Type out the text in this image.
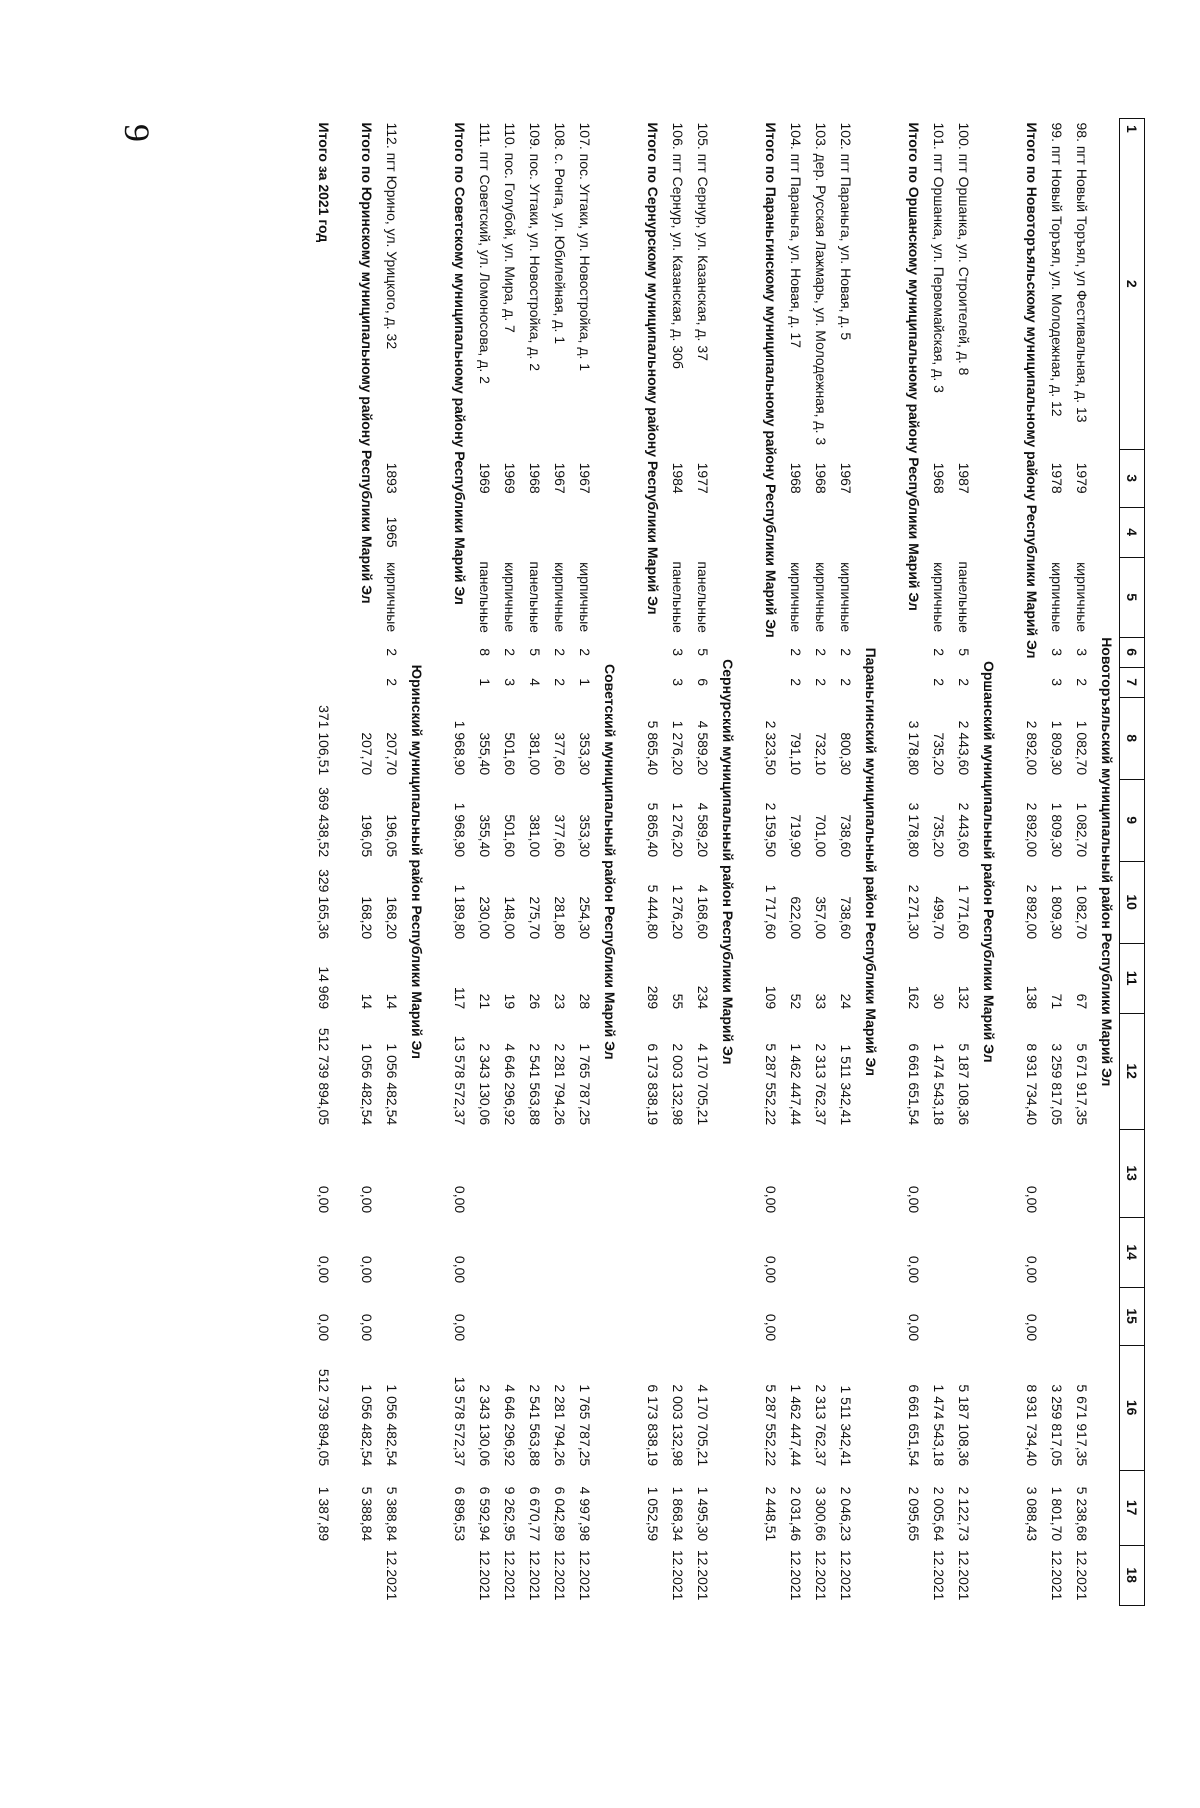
9	1
2	3	4	5	6	7	8	9	10	11	12	13	14	15	16	17	18
Новоторъяльский муниципальный район Республики Марий Эл																
98. пгт Новый Торъял, ул Фестивальная, д. 13	1979		кирпичные	3	2	1 082,70	1 082,70	1 082,70	67	5 671 917,35				5 671 917,35	5 238,68	12.2021
99. пгт Новый Торъял, ул. Молодежная, д. 12	1978		кирпичные	3	3	1 809,30	1 809,30	1 809,30	71	3 259 817,05				3 259 817,05	1 801,70	12.2021
Итого по Новоторъяльскому муниципальному району Республики Марий Эл						2 892,00	2 892,00	2 892,00	138	8 931 734,40	0,00	0,00	0,00	8 931 734,40	3 088,43	

Оршанский муниципальный район Республики Марий Эл																
100. пгт Оршанка, ул. Строителей, д. 8	1987		панельные	5	2	2 443,60	2 443,60	1 771,60	132	5 187 108,36				5 187 108,36	2 122,73	12.2021
101. пгт Оршанка, ул. Первомайская, д. 3	1968		кирпичные	2	2	735,20	735,20	499,70	30	1 474 543,18				1 474 543,18	2 005,64	12.2021
Итого по Оршанскому муниципальному району Республики Марий Эл						3 178,80	3 178,80	2 271,30	162	6 661 651,54	0,00	0,00	0,00	6 661 651,54	2 095,65	

Параньгинский муниципальный район Республики Марий Эл																
102. пгт Параньга, ул. Новая, д. 5	1967		кирпичные	2	2	800,30	738,60	738,60	24	1 511 342,41				1 511 342,41	2 046,23	12.2021
103. дер. Русская Лажмарь, ул. Молодежная, д. 3	1968		кирпичные	2	2	732,10	701,00	357,00	33	2 313 762,37				2 313 762,37	3 300,66	12.2021
104. пгт Параньга, ул. Новая, д. 17	1968		кирпичные	2	2	791,10	719,90	622,00	52	1 462 447,44				1 462 447,44	2 031,46	12.2021
Итого по Параньгинскому муниципальному району Республики Марий Эл						2 323,50	2 159,50	1 717,60	109	5 287 552,22	0,00	0,00	0,00	5 287 552,22	2 448,51	

Сернурский муниципальный район Республики Марий Эл																
105. пгт Сернур, ул. Казанская, д. 37	1977		панельные	5	6	4 589,20	4 589,20	4 168,60	234	4 170 705,21				4 170 705,21	1 495,30	12.2021
106. пгт Сернур, ул. Казанская, д. 30б	1984		панельные	3	3	1 276,20	1 276,20	1 276,20	55	2 003 132,98				2 003 132,98	1 868,34	12.2021
Итого по Сернурскому муниципальному району Республики Марий Эл						5 865,40	5 865,40	5 444,80	289	6 173 838,19				6 173 838,19	1 052,59	

Советский муниципальный район Республики Марий Эл																
107. пос. Угтаки, ул. Новостройка, д. 1	1967		кирпичные	2	1	353,30	353,30	254,30	28	1 765 787,25				1 765 787,25	4 997,98	12.2021
108. с. Ронга, ул. Юбилейная, д. 1	1967		кирпичные	2	2	377,60	377,60	281,80	23	2 281 794,26				2 281 794,26	6 042,89	12.2021
109. пос. Угтаки, ул. Новостройка, д. 2	1968		панельные	5	4	381,00	381,00	275,70	26	2 541 563,88				2 541 563,88	6 670,77	12.2021
110. пос. Голубой, ул. Мира, д. 7	1969		кирпичные	2	3	501,60	501,60	148,00	19	4 646 296,92				4 646 296,92	9 262,95	12.2021
111. пгт Советский, ул. Ломоносова, д. 2	1969		панельные	8	1	355,40	355,40	230,00	21	2 343 130,06				2 343 130,06	6 592,94	12.2021
Итого по Советскому муниципальному району Республики Марий Эл						1 968,90	1 968,90	1 189,80	117	13 578 572,37	0,00	0,00	0,00	13 578 572,37	6 896,53	

Юринский муниципальный район Республики Марий Эл																
112. пгт Юрино, ул. Урицкого, д. 32	1893	1965	кирпичные	2	2	207,70	196,05	168,20	14	1 056 482,54				1 056 482,54	5 388,84	12.2021
Итого по Юринскому муниципальному району Республики Марий Эл						207,70	196,05	168,20	14	1 056 482,54	0,00	0,00	0,00	1 056 482,54	5 388,84	

Итого за 2021 год						371 106,51	369 438,52	329 165,36	14 969	512 739 894,05	0,00	0,00	0,00	512 739 894,05	1 387,89	
